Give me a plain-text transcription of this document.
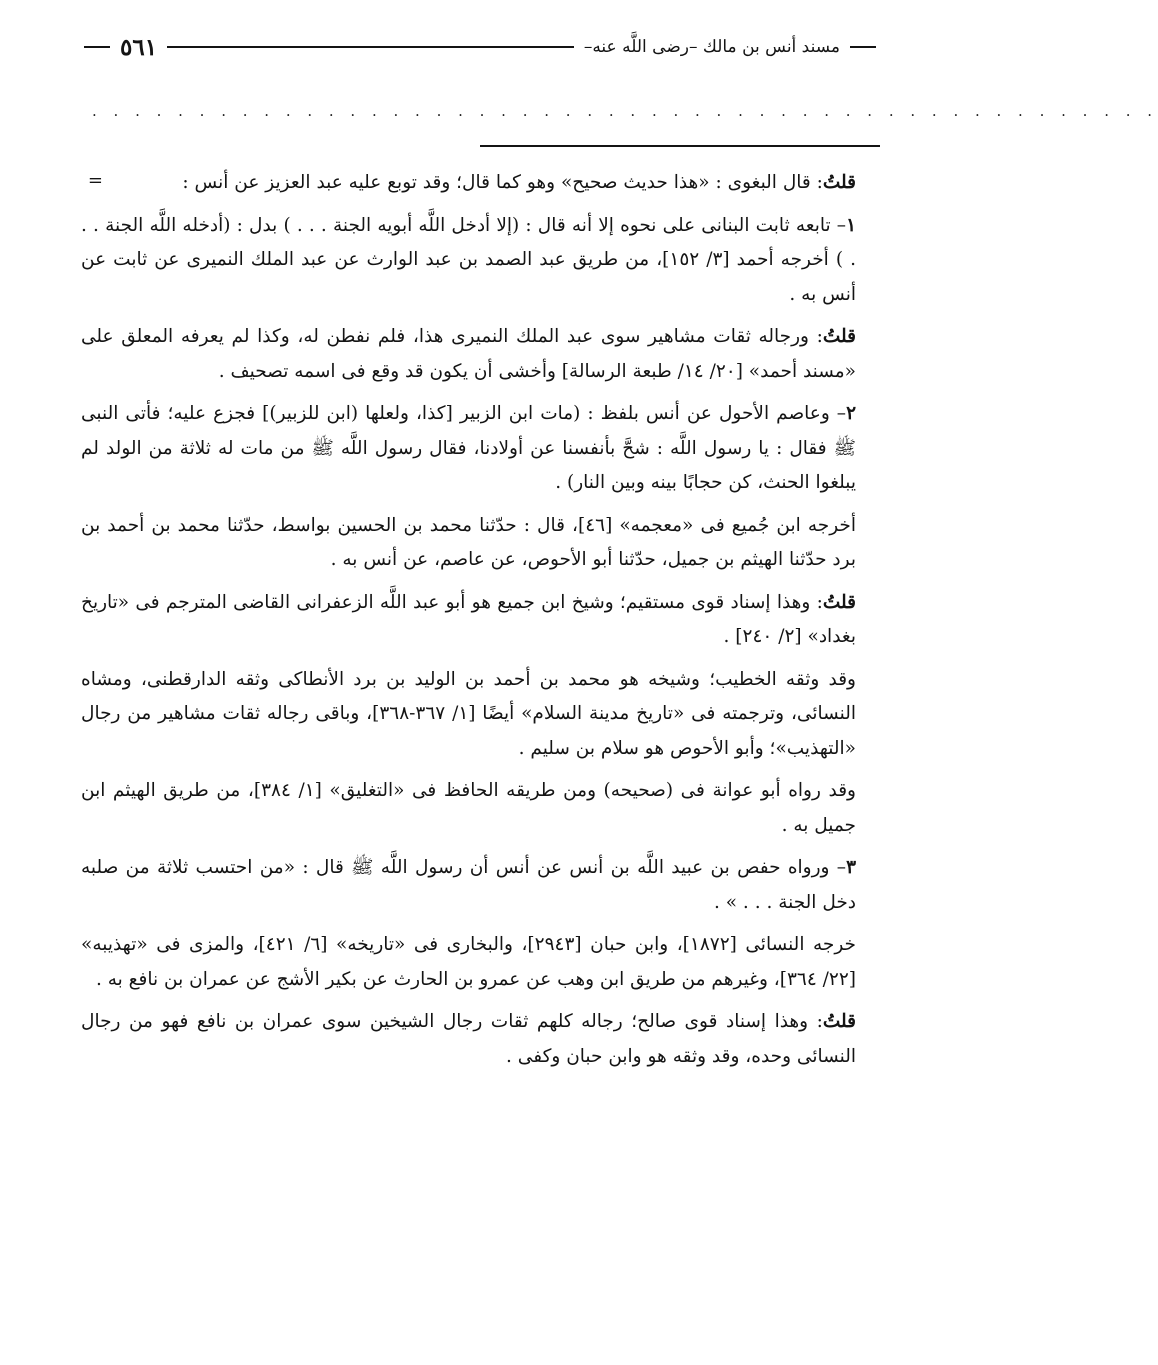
مسند أنس بن مالك –رضى اللَّه عنه–
٥٦١
. . . . . . . . . . . . . . . . . . . . . . . . . . . . . . . . . . . . . . . . . . . . . . . . . .
=	قلتُ: قال البغوى : «هذا حديث صحيح» وهو كما قال؛ وقد توبع عليه عبد العزيز عن أنس :

١– تابعه ثابت البنانى على نحوه إلا أنه قال : (إلا أدخل اللَّه أبويه الجنة . . . ) بدل : (أدخله اللَّه الجنة . . . ) أخرجه أحمد [٣/ ١٥٢]، من طريق عبد الصمد بن عبد الوارث عن عبد الملك النميرى عن ثابت عن أنس به .

قلتُ: ورجاله ثقات مشاهير سوى عبد الملك النميرى هذا، فلم نفطن له، وكذا لم يعرفه المعلق على «مسند أحمد» [٢٠/ ١٤/ طبعة الرسالة] وأخشى أن يكون قد وقع فى اسمه تصحيف .

٢– وعاصم الأحول عن أنس بلفظ : (مات ابن الزبير [كذا، ولعلها (ابن للزبير)] فجزع عليه؛ فأتى النبى ﷺ فقال : يا رسول اللَّه : شحَّ بأنفسنا عن أولادنا، فقال رسول اللَّه ﷺ من مات له ثلاثة من الولد لم يبلغوا الحنث، كن حجابًا بينه وبين النار) .

أخرجه ابن جُميع فى «معجمه» [٤٦]، قال : حدّثنا محمد بن الحسين بواسط، حدّثنا محمد بن أحمد بن برد حدّثنا الهيثم بن جميل، حدّثنا أبو الأحوص، عن عاصم، عن أنس به .

قلتُ: وهذا إسناد قوى مستقيم؛ وشيخ ابن جميع هو أبو عبد اللَّه الزعفرانى القاضى المترجم فى «تاريخ بغداد» [٢/ ٢٤٠] .

وقد وثقه الخطيب؛ وشيخه هو محمد بن أحمد بن الوليد بن برد الأنطاكى وثقه الدارقطنى، ومشاه النسائى، وترجمته فى «تاريخ مدينة السلام» أيضًا [١/ ٣٦٧-٣٦٨]، وباقى رجاله ثقات مشاهير من رجال «التهذيب»؛ وأبو الأحوص هو سلام بن سليم .

وقد رواه أبو عوانة فى (صحيحه) ومن طريقه الحافظ فى «التغليق» [١/ ٣٨٤]، من طريق الهيثم ابن جميل به .

٣– ورواه حفص بن عبيد اللَّه بن أنس عن أنس أن رسول اللَّه ﷺ قال : «من احتسب ثلاثة من صلبه دخل الجنة . . . » .

خرجه النسائى [١٨٧٢]، وابن حبان [٢٩٤٣]، والبخارى فى «تاريخه» [٦/ ٤٢١]، والمزى فى «تهذيبه» [٢٢/ ٣٦٤]، وغيرهم من طريق ابن وهب عن عمرو بن الحارث عن بكير الأشج عن عمران بن نافع به .

قلتُ: وهذا إسناد قوى صالح؛ رجاله كلهم ثقات رجال الشيخين سوى عمران بن نافع فهو من رجال النسائى وحده، وقد وثقه هو وابن حبان وكفى .
